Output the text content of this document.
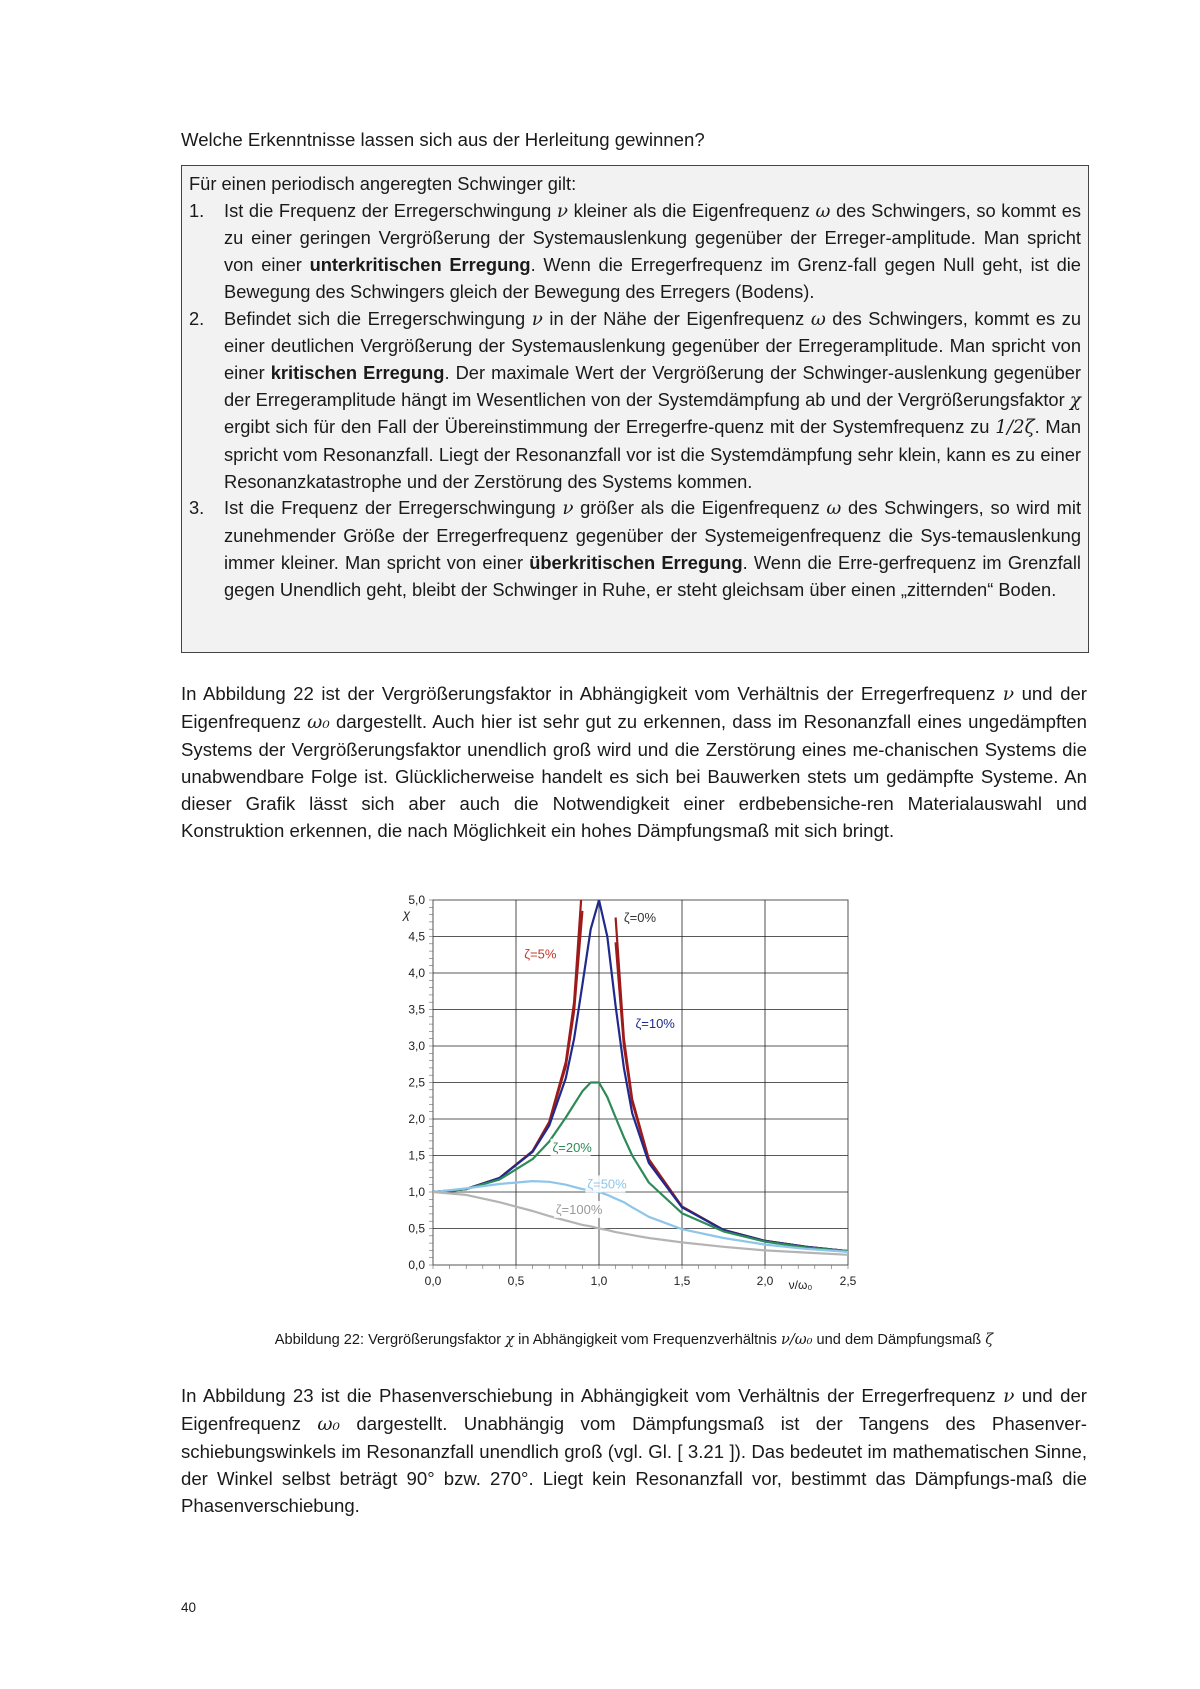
Welche Erkenntnisse lassen sich aus der Herleitung gewinnen?

Für einen periodisch angeregten Schwinger gilt:

1. Ist die Frequenz der Erregerschwingung ν kleiner als die Eigenfrequenz ω des Schwingers, so kommt es zu einer geringen Vergrößerung der Systemauslenkung gegenüber der Erreger-amplitude. Man spricht von einer unterkritischen Erregung. Wenn die Erregerfrequenz im Grenz-fall gegen Null geht, ist die Bewegung des Schwingers gleich der Bewegung des Erregers (Bodens).
2. Befindet sich die Erregerschwingung ν in der Nähe der Eigenfrequenz ω des Schwingers, kommt es zu einer deutlichen Vergrößerung der Systemauslenkung gegenüber der Erregeramplitude. Man spricht von einer kritischen Erregung. Der maximale Wert der Vergrößerung der Schwinger-auslenkung gegenüber der Erregeramplitude hängt im Wesentlichen von der Systemdämpfung ab und der Vergrößerungsfaktor χ ergibt sich für den Fall der Übereinstimmung der Erregerfre-quenz mit der Systemfrequenz zu 1/2ζ. Man spricht vom Resonanzfall. Liegt der Resonanzfall vor ist die Systemdämpfung sehr klein, kann es zu einer Resonanzkatastrophe und der Zerstörung des Systems kommen.
3. Ist die Frequenz der Erregerschwingung ν größer als die Eigenfrequenz ω des Schwingers, so wird mit zunehmender Größe der Erregerfrequenz gegenüber der Systemeigenfrequenz die Sys-temauslenkung immer kleiner. Man spricht von einer überkritischen Erregung. Wenn die Erre-gerfrequenz im Grenzfall gegen Unendlich geht, bleibt der Schwinger in Ruhe, er steht gleichsam über einen „zitternden“ Boden.
In Abbildung 22 ist der Vergrößerungsfaktor in Abhängigkeit vom Verhältnis der Erregerfrequenz ν und der Eigenfrequenz ω₀ dargestellt. Auch hier ist sehr gut zu erkennen, dass im Resonanzfall eines ungedämpften Systems der Vergrößerungsfaktor unendlich groß wird und die Zerstörung eines me-chanischen Systems die unabwendbare Folge ist. Glücklicherweise handelt es sich bei Bauwerken stets um gedämpfte Systeme. An dieser Grafik lässt sich aber auch die Notwendigkeit einer erdbebensiche-ren Materialauswahl und Konstruktion erkennen, die nach Möglichkeit ein hohes Dämpfungsmaß mit sich bringt.
0,0
0,5
1,0
1,5
2,0
2,5
3,0
3,5
4,0
4,5
5,0
0,0	0,5	1,0	1,5	2,0	2,5
χ
ν/ω₀
ζ=0%
ζ=5%
ζ=10%
ζ=20%
ζ=50%
ζ=100%
Abbildung 22: Vergrößerungsfaktor χ in Abhängigkeit vom Frequenzverhältnis ν/ω₀ und dem Dämpfungsmaß ζ
In Abbildung 23 ist die Phasenverschiebung in Abhängigkeit vom Verhältnis der Erregerfrequenz ν und der Eigenfrequenz ω₀ dargestellt. Unabhängig vom Dämpfungsmaß ist der Tangens des Phasenver-schiebungswinkels im Resonanzfall unendlich groß (vgl. Gl. [ 3.21 ]). Das bedeutet im mathematischen Sinne, der Winkel selbst beträgt 90° bzw. 270°. Liegt kein Resonanzfall vor, bestimmt das Dämpfungs-maß die Phasenverschiebung.
40
